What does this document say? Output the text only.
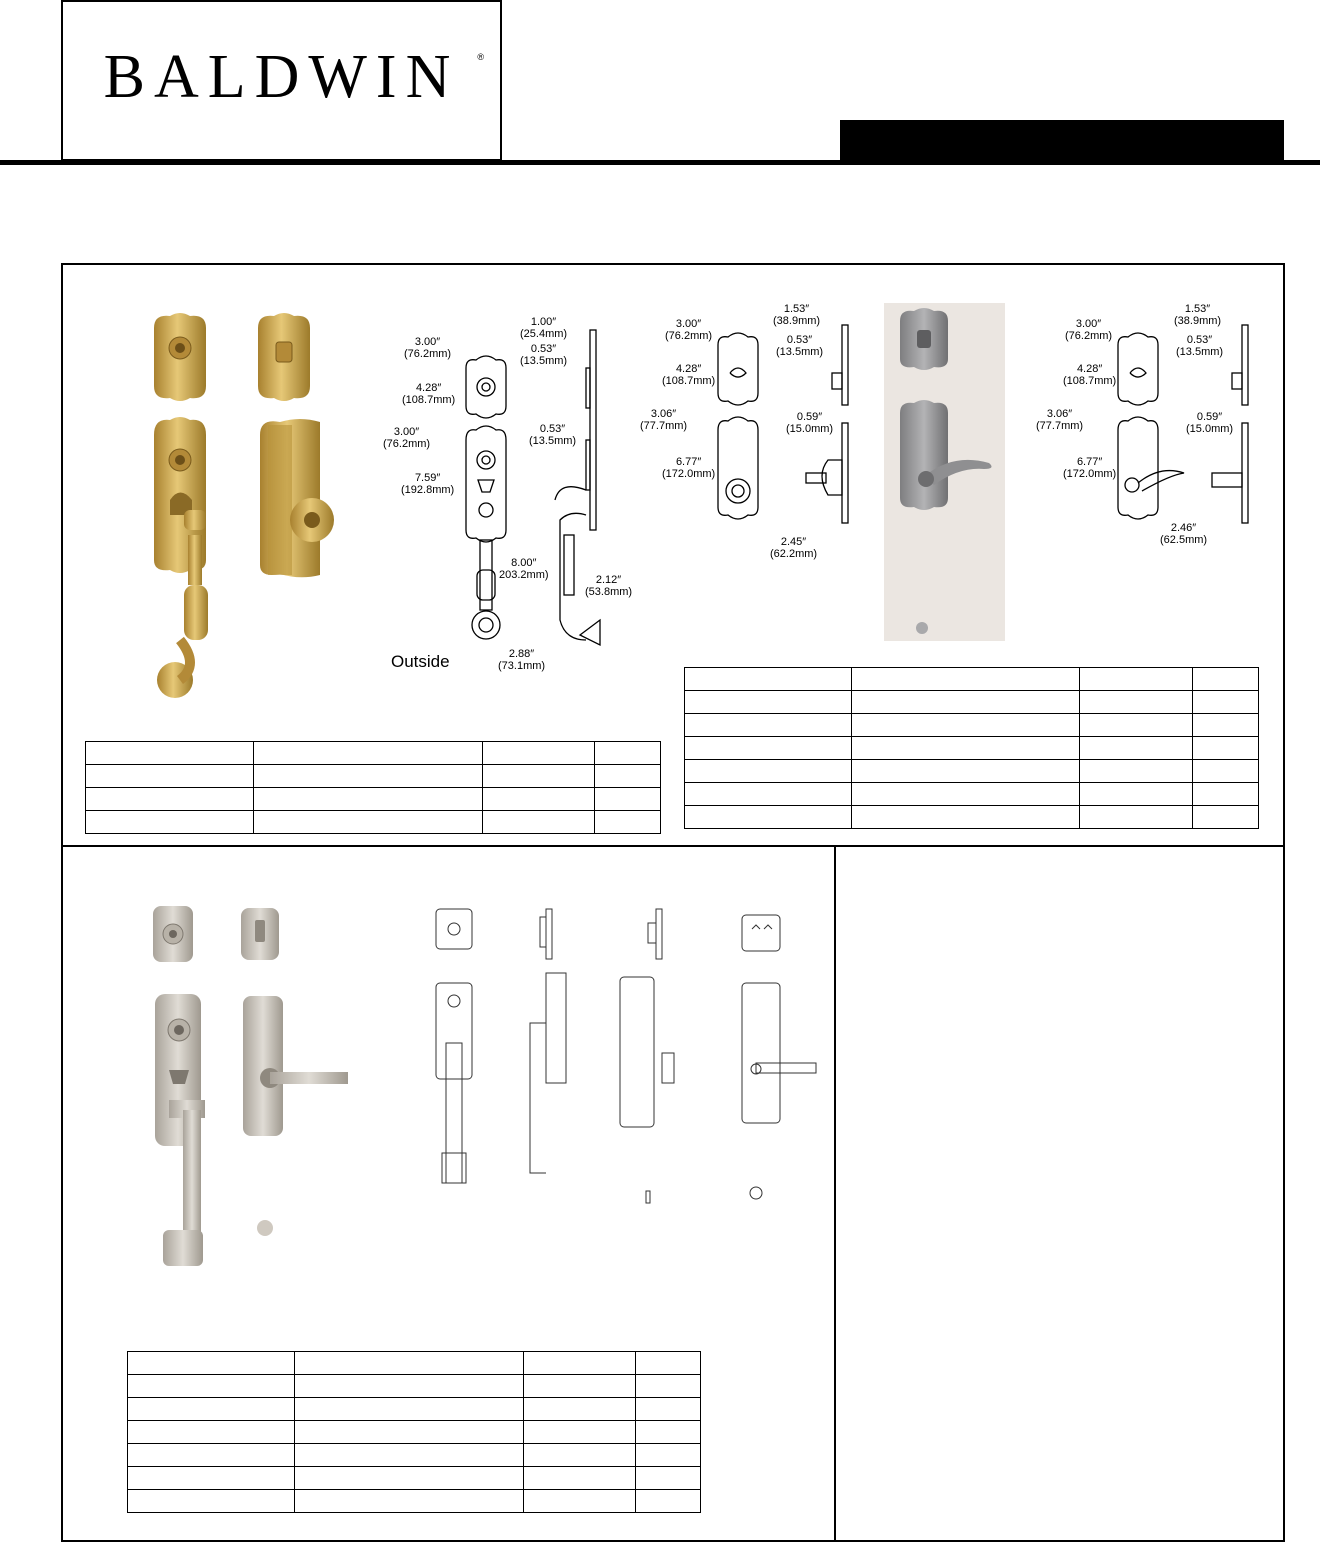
BALDWIN	®
1.00″
(25.4mm)
3.00″
(76.2mm)	0.53″
(13.5mm)
4.28″
(108.7mm)
3.00″
(76.2mm)
0.53″
(13.5mm)
7.59″
(192.8mm)
8.00″
203.2mm)	2.12″
(53.8mm)
2.88″
(73.1mm)
Outside
1.53″
(38.9mm)
3.00″
(76.2mm)	0.53″
(13.5mm)
4.28″
(108.7mm)
3.06″
(77.7mm)
0.59″
(15.0mm)
6.77″
(172.0mm)
2.45″
(62.2mm)
1.53″
(38.9mm)
3.00″
(76.2mm)	0.53″
(13.5mm)
4.28″
(108.7mm)
3.06″
(77.7mm)
0.59″
(15.0mm)
6.77″
(172.0mm)
2.46″
(62.5mm)
